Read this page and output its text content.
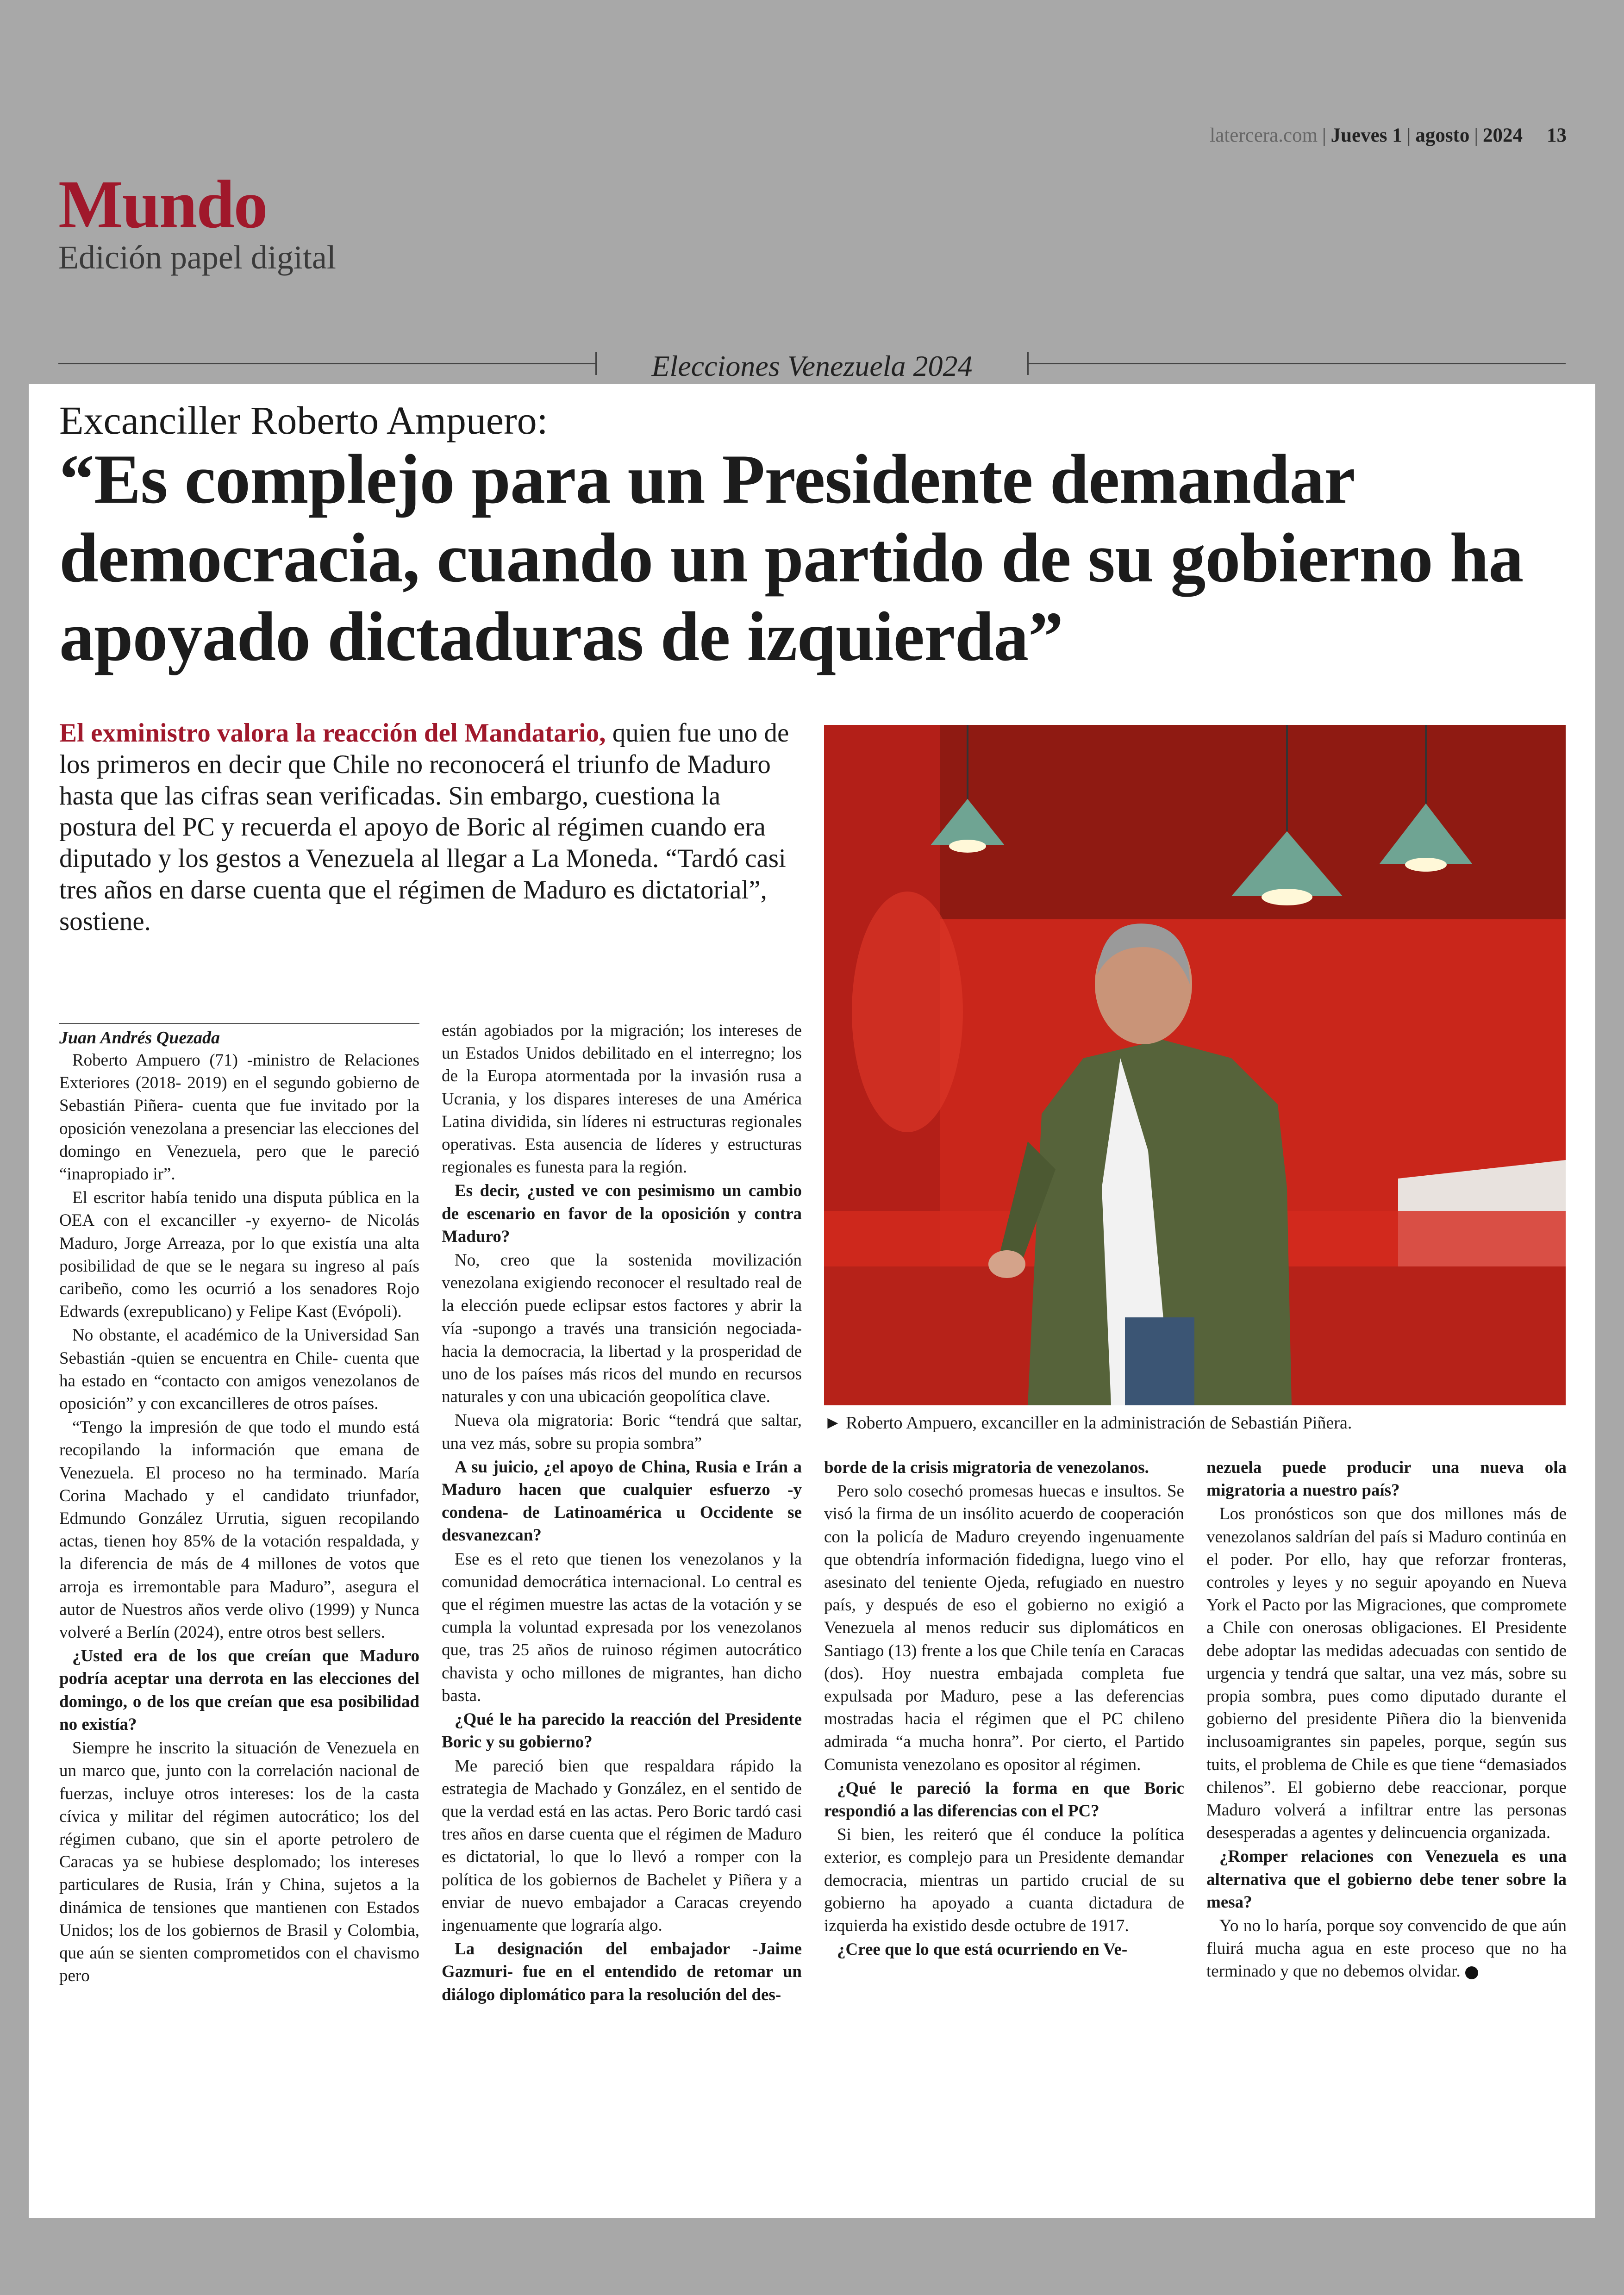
latercera.com | Jueves 1 | agosto | 2024 13
Mundo
Edición papel digital
Elecciones Venezuela 2024
Excanciller Roberto Ampuero:
“Es complejo para un Presidente demandar democracia, cuando un partido de su gobierno ha apoyado dictaduras de izquierda”

El exministro valora la reacción del Mandatario, quien fue uno de los primeros en decir que Chile no reconocerá el triunfo de Maduro hasta que las cifras sean verificadas. Sin embargo, cuestiona la postura del PC y recuerda el apoyo de Boric al régimen cuando era diputado y los gestos a Venezuela al llegar a La Moneda. “Tardó casi tres años en darse cuenta que el régimen de Maduro es dictatorial”, sostiene.

► Roberto Ampuero, excanciller en la administración de Sebastián Piñera.
Juan Andrés Quezada

Roberto Ampuero (71) -ministro de Relaciones Exteriores (2018- 2019) en el segundo gobierno de Sebastián Piñera- cuenta que fue invitado por la oposición venezolana a presenciar las elecciones del domingo en Venezuela, pero que le pareció “inapropiado ir”.

El escritor había tenido una disputa pública en la OEA con el excanciller -y exyerno- de Nicolás Maduro, Jorge Arreaza, por lo que existía una alta posibilidad de que se le negara su ingreso al país caribeño, como les ocurrió a los senadores Rojo Edwards (exrepublicano) y Felipe Kast (Evópoli).

No obstante, el académico de la Universidad San Sebastián -quien se encuentra en Chile- cuenta que ha estado en “contacto con amigos venezolanos de oposición” y con excancilleres de otros países.

“Tengo la impresión de que todo el mundo está recopilando la información que emana de Venezuela. El proceso no ha terminado. María Corina Machado y el candidato triunfador, Edmundo González Urrutia, siguen recopilando actas, tienen hoy 85% de la votación respaldada, y la diferencia de más de 4 millones de votos que arroja es irremontable para Maduro”, asegura el autor de Nuestros años verde olivo (1999) y Nunca volveré a Berlín (2024), entre otros best sellers.

¿Usted era de los que creían que Maduro podría aceptar una derrota en las elecciones del domingo, o de los que creían que esa posibilidad no existía?

Siempre he inscrito la situación de Venezuela en un marco que, junto con la correlación nacional de fuerzas, incluye otros intereses: los de la casta cívica y militar del régimen autocrático; los del régimen cubano, que sin el aporte petrolero de Caracas ya se hubiese desplomado; los intereses particulares de Rusia, Irán y China, sujetos a la dinámica de tensiones que mantienen con Estados Unidos; los de los gobiernos de Brasil y Colombia, que aún se sienten comprometidos con el chavismo pero

están agobiados por la migración; los intereses de un Estados Unidos debilitado en el interregno; los de la Europa atormentada por la invasión rusa a Ucrania, y los dispares intereses de una América Latina dividida, sin líderes ni estructuras regionales operativas. Esta ausencia de líderes y estructuras regionales es funesta para la región.

Es decir, ¿usted ve con pesimismo un cambio de escenario en favor de la oposición y contra Maduro?

No, creo que la sostenida movilización venezolana exigiendo reconocer el resultado real de la elección puede eclipsar estos factores y abrir la vía -supongo a través una transición negociada- hacia la democracia, la libertad y la prosperidad de uno de los países más ricos del mundo en recursos naturales y con una ubicación geopolítica clave.

Nueva ola migratoria: Boric “tendrá que saltar, una vez más, sobre su propia sombra”

A su juicio, ¿el apoyo de China, Rusia e Irán a Maduro hacen que cualquier esfuerzo -y condena- de Latinoamérica u Occidente se desvanezcan?

Ese es el reto que tienen los venezolanos y la comunidad democrática internacional. Lo central es que el régimen muestre las actas de la votación y se cumpla la voluntad expresada por los venezolanos que, tras 25 años de ruinoso régimen autocrático chavista y ocho millones de migrantes, han dicho basta.

¿Qué le ha parecido la reacción del Presidente Boric y su gobierno?

Me pareció bien que respaldara rápido la estrategia de Machado y González, en el sentido de que la verdad está en las actas. Pero Boric tardó casi tres años en darse cuenta que el régimen de Maduro es dictatorial, lo que lo llevó a romper con la política de los gobiernos de Bachelet y Piñera y a enviar de nuevo embajador a Caracas creyendo ingenuamente que lograría algo.

La designación del embajador -Jaime Gazmuri- fue en el entendido de retomar un diálogo diplomático para la resolución del des-

borde de la crisis migratoria de venezolanos.

Pero solo cosechó promesas huecas e insultos. Se visó la firma de un insólito acuerdo de cooperación con la policía de Maduro creyendo ingenuamente que obtendría información fidedigna, luego vino el asesinato del teniente Ojeda, refugiado en nuestro país, y después de eso el gobierno no exigió a Venezuela al menos reducir sus diplomáticos en Santiago (13) frente a los que Chile tenía en Caracas (dos). Hoy nuestra embajada completa fue expulsada por Maduro, pese a las deferencias mostradas hacia el régimen que el PC chileno admirada “a mucha honra”. Por cierto, el Partido Comunista venezolano es opositor al régimen.

¿Qué le pareció la forma en que Boric respondió a las diferencias con el PC?

Si bien, les reiteró que él conduce la política exterior, es complejo para un Presidente demandar democracia, mientras un partido crucial de su gobierno ha apoyado a cuanta dictadura de izquierda ha existido desde octubre de 1917.

¿Cree que lo que está ocurriendo en Ve-

nezuela puede producir una nueva ola migratoria a nuestro país?

Los pronósticos son que dos millones más de venezolanos saldrían del país si Maduro continúa en el poder. Por ello, hay que reforzar fronteras, controles y leyes y no seguir apoyando en Nueva York el Pacto por las Migraciones, que compromete a Chile con onerosas obligaciones. El Presidente debe adoptar las medidas adecuadas con sentido de urgencia y tendrá que saltar, una vez más, sobre su propia sombra, pues como diputado durante el gobierno del presidente Piñera dio la bienvenida inclusoamigrantes sin papeles, porque, según sus tuits, el problema de Chile es que tiene “demasiados chilenos”. El gobierno debe reaccionar, porque Maduro volverá a infiltrar entre las personas desesperadas a agentes y delincuencia organizada.

¿Romper relaciones con Venezuela es una alternativa que el gobierno debe tener sobre la mesa?

Yo no lo haría, porque soy convencido de que aún fluirá mucha agua en este proceso que no ha terminado y que no debemos olvidar.
